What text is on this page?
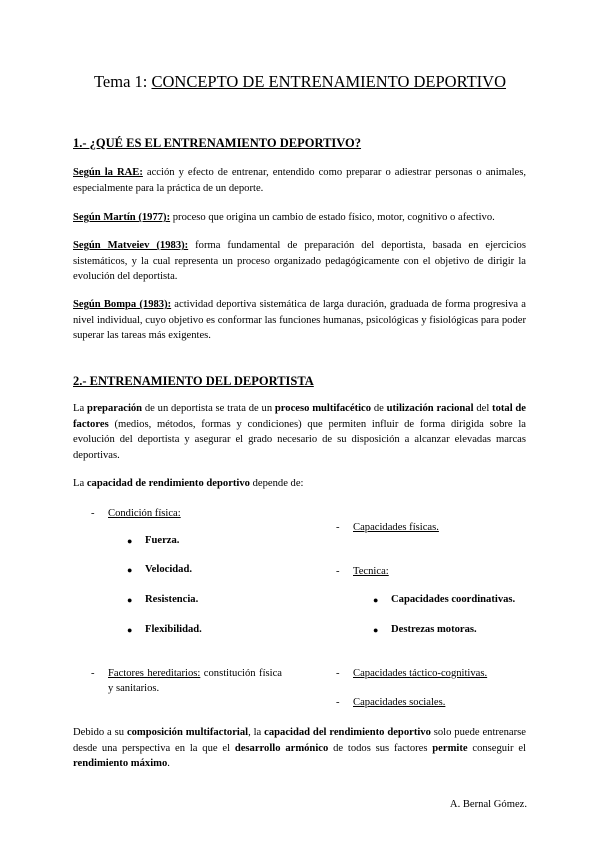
Tema 1: CONCEPTO DE ENTRENAMIENTO DEPORTIVO
1.- ¿QUÉ ES EL ENTRENAMIENTO DEPORTIVO?
Según la RAE: acción y efecto de entrenar, entendido como preparar o adiestrar personas o animales, especialmente para la práctica de un deporte.
Según Martín (1977): proceso que origina un cambio de estado físico, motor, cognitivo o afectivo.
Según Matveiev (1983): forma fundamental de preparación del deportista, basada en ejercicios sistemáticos, y la cual representa un proceso organizado pedagógicamente con el objetivo de dirigir la evolución del deportista.
Según Bompa (1983): actividad deportiva sistemática de larga duración, graduada de forma progresiva a nivel individual, cuyo objetivo es conformar las funciones humanas, psicológicas y fisiológicas para poder superar las tareas más exigentes.
2.- ENTRENAMIENTO DEL DEPORTISTA
La preparación de un deportista se trata de un proceso multifacético de utilización racional del total de factores (medios, métodos, formas y condiciones) que permiten influir de forma dirigida sobre la evolución del deportista y asegurar el grado necesario de su disposición a alcanzar elevadas marcas deportivas.
La capacidad de rendimiento deportivo depende de:
- Condición física:
● Fuerza.
● Velocidad.
● Resistencia.
● Flexibilidad.
- Factores hereditarios: constitución física y sanitarios.
- Capacidades físicas.
- Tecnica:
● Capacidades coordinativas.
● Destrezas motoras.
- Capacidades táctico-cognitivas.
- Capacidades sociales.
Debido a su composición multifactorial, la capacidad del rendimiento deportivo solo puede entrenarse desde una perspectiva en la que el desarrollo armónico de todos sus factores permite conseguir el rendimiento máximo.
A. Bernal Gómez.
